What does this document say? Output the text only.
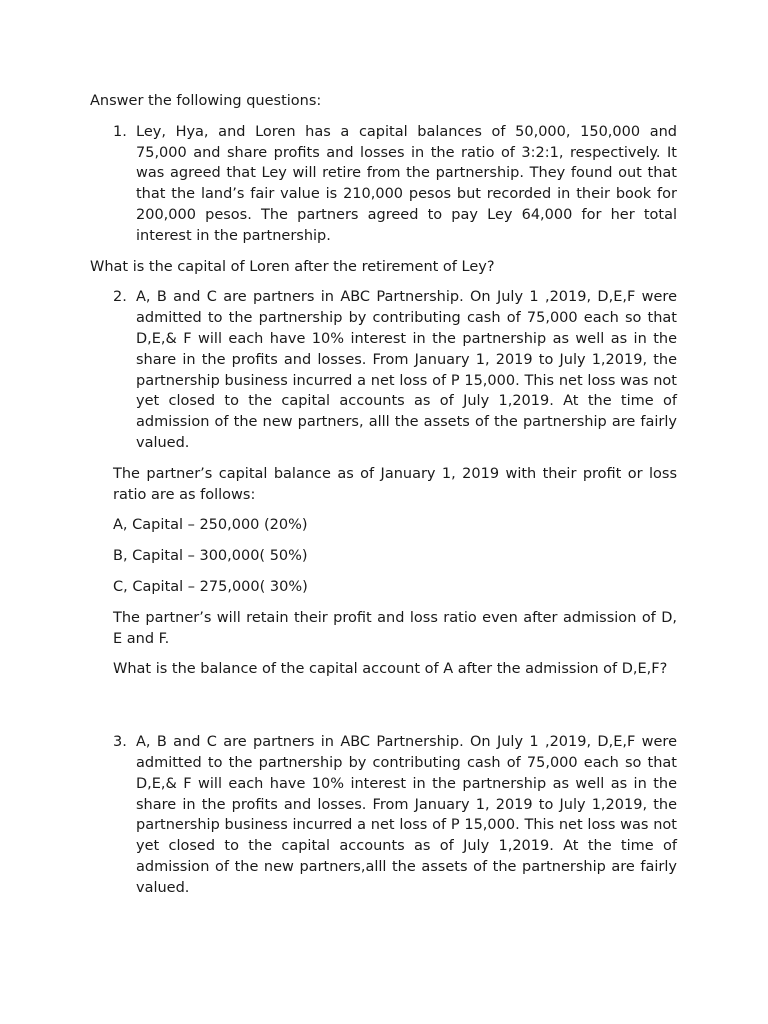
Answer the following questions:

1. Ley, Hya, and Loren has a capital balances of 50,000, 150,000 and 75,000 and share profits and losses in the ratio of 3:2:1, respectively. It was agreed that Ley will retire from the partnership. They found out that that the land’s fair value is 210,000 pesos but recorded in their book for 200,000 pesos. The partners agreed to pay Ley 64,000 for her total interest in the partnership.

What is the capital of Loren after the retirement of Ley?

2. A, B and C are partners in ABC Partnership. On July 1 ,2019, D,E,F were admitted to the partnership by contributing cash of 75,000 each so that D,E,& F will each have 10% interest in the partnership as well as in the share in the profits and losses. From January 1, 2019 to July 1,2019, the partnership business incurred a net loss of P 15,000. This net loss was not yet closed to the capital accounts as of July 1,2019. At the time of admission of the new partners, alll the assets of the partnership are fairly valued.

The partner’s capital balance as of January 1, 2019 with their profit or loss ratio are as follows:

A, Capital – 250,000 (20%)

B, Capital – 300,000( 50%)

C, Capital – 275,000( 30%)

The partner’s will retain their profit and loss ratio even after admission of D, E and F.

What is the balance of the capital account of A after the admission of D,E,F?

3. A, B and C are partners in ABC Partnership. On July 1 ,2019, D,E,F were admitted to the partnership by contributing cash of 75,000 each so that D,E,& F will each have 10% interest in the partnership as well as in the share in the profits and losses. From January 1, 2019 to July 1,2019, the partnership business incurred a net loss of P 15,000. This net loss was not yet closed to the capital accounts as of July 1,2019. At the time of admission of the new partners,alll the assets of the partnership are fairly valued.
